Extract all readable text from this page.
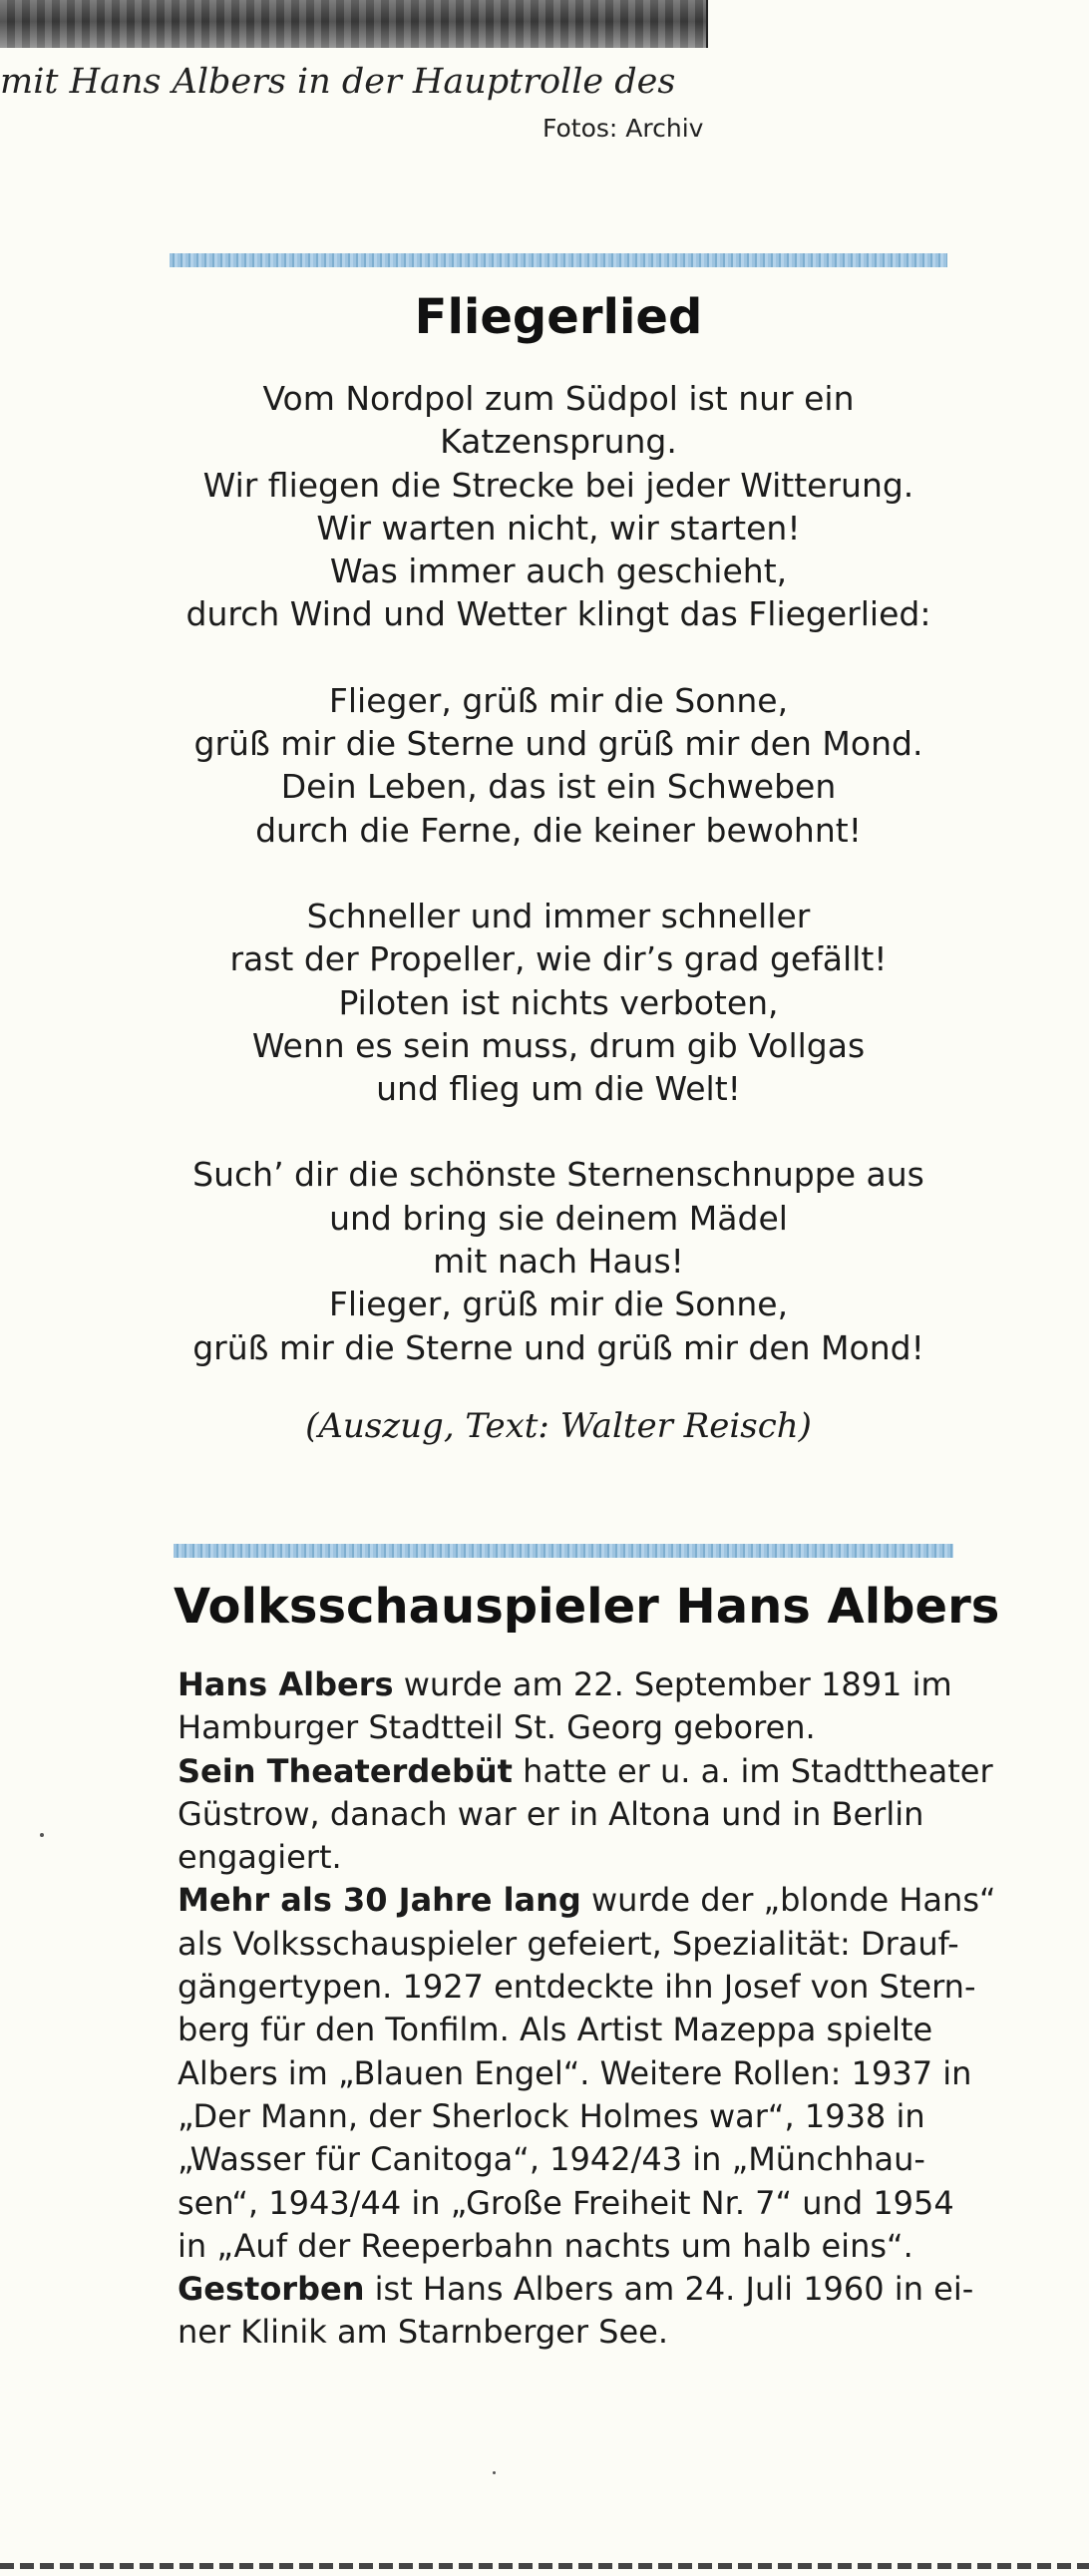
mit Hans Albers in der Hauptrolle des
Fotos: Archiv
Fliegerlied
Vom Nordpol zum Südpol ist nur ein
Katzensprung.
Wir fliegen die Strecke bei jeder Witterung.
Wir warten nicht, wir starten!
Was immer auch geschieht,
durch Wind und Wetter klingt das Fliegerlied:
Flieger, grüß mir die Sonne,
grüß mir die Sterne und grüß mir den Mond.
Dein Leben, das ist ein Schweben
durch die Ferne, die keiner bewohnt!
Schneller und immer schneller
rast der Propeller, wie dir’s grad gefällt!
Piloten ist nichts verboten,
Wenn es sein muss, drum gib Vollgas
und flieg um die Welt!
Such’ dir die schönste Sternenschnuppe aus
und bring sie deinem Mädel
mit nach Haus!
Flieger, grüß mir die Sonne,
grüß mir die Sterne und grüß mir den Mond!
(Auszug, Text: Walter Reisch)
Volksschauspieler Hans Albers
Hans Albers wurde am 22. September 1891 im
Hamburger Stadtteil St. Georg geboren.
Sein Theaterdebüt hatte er u. a. im Stadttheater
Güstrow, danach war er in Altona und in Berlin
engagiert.
Mehr als 30 Jahre lang wurde der „blonde Hans“
als Volksschauspieler gefeiert, Spezialität: Drauf-
gängertypen. 1927 entdeckte ihn Josef von Stern-
berg für den Tonfilm. Als Artist Mazeppa spielte
Albers im „Blauen Engel“. Weitere Rollen: 1937 in
„Der Mann, der Sherlock Holmes war“, 1938 in
„Wasser für Canitoga“, 1942/43 in „Münchhau-
sen“, 1943/44 in „Große Freiheit Nr. 7“ und 1954
in „Auf der Reeperbahn nachts um halb eins“.
Gestorben ist Hans Albers am 24. Juli 1960 in ei-
ner Klinik am Starnberger See.
